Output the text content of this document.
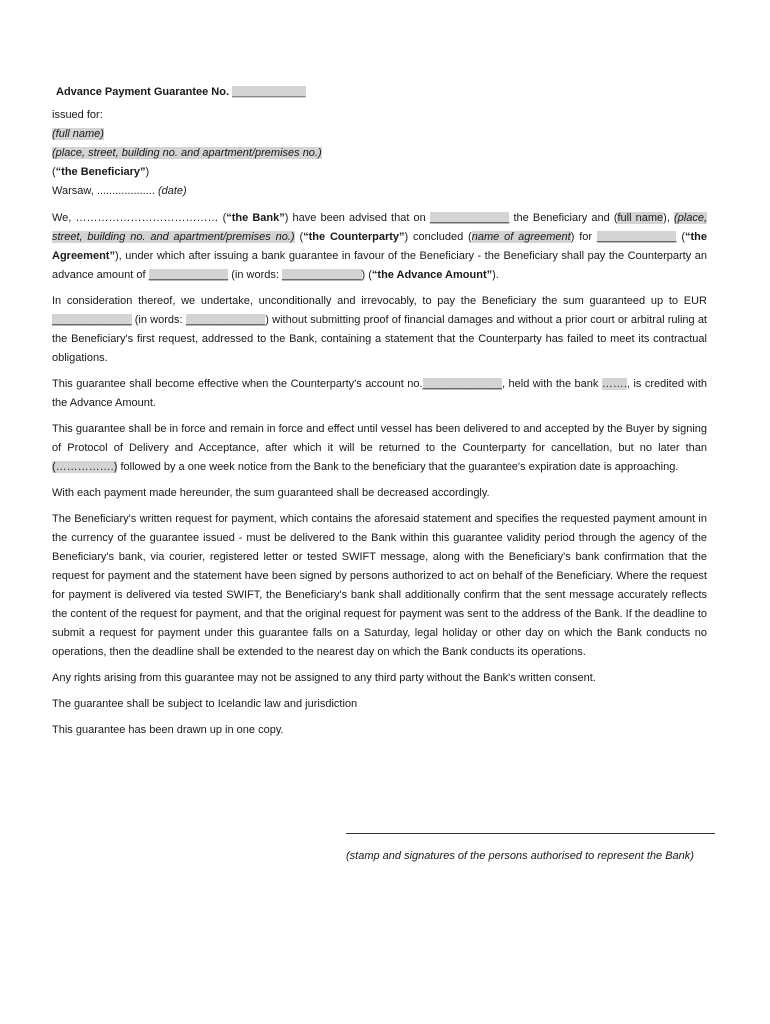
Advance Payment Guarantee No. ____________
issued for:
(full name)
(place, street, building no. and apartment/premises no.)
(“the Beneficiary”)
Warsaw, ................... (date)

We, ………………………………… (“the Bank”) have been advised that on _____________ the Beneficiary and (full name), (place, street, building no. and apartment/premises no.) (“the Counterparty”) concluded (name of agreement) for _____________ (“the Agreement”), under which after issuing a bank guarantee in favour of the Beneficiary - the Beneficiary shall pay the Counterparty an advance amount of _____________ (in words: _____________) (“the Advance Amount”).

In consideration thereof, we undertake, unconditionally and irrevocably, to pay the Beneficiary the sum guaranteed up to EUR _____________ (in words: _____________) without submitting proof of financial damages and without a prior court or arbitral ruling at the Beneficiary's first request, addressed to the Bank, containing a statement that the Counterparty has failed to meet its contractual obligations.

This guarantee shall become effective when the Counterparty's account no._____________, held with the bank ……., is credited with the Advance Amount.

This guarantee shall be in force and remain in force and effect until vessel has been delivered to and accepted by the Buyer by signing of Protocol of Delivery and Acceptance, after which it will be returned to the Counterparty for cancellation, but no later than (…………….) followed by a one week notice from the Bank to the beneficiary that the guarantee's expiration date is approaching.

With each payment made hereunder, the sum guaranteed shall be decreased accordingly.

The Beneficiary's written request for payment, which contains the aforesaid statement and specifies the requested payment amount in the currency of the guarantee issued - must be delivered to the Bank within this guarantee validity period through the agency of the Beneficiary's bank, via courier, registered letter or tested SWIFT message, along with the Beneficiary's bank confirmation that the request for payment and the statement have been signed by persons authorized to act on behalf of the Beneficiary. Where the request for payment is delivered via tested SWIFT, the Beneficiary's bank shall additionally confirm that the sent message accurately reflects the content of the request for payment, and that the original request for payment was sent to the address of the Bank. If the deadline to submit a request for payment under this guarantee falls on a Saturday, legal holiday or other day on which the Bank conducts no operations, then the deadline shall be extended to the nearest day on which the Bank conducts its operations.

Any rights arising from this guarantee may not be assigned to any third party without the Bank's written consent.

The guarantee shall be subject to Icelandic law and jurisdiction

This guarantee has been drawn up in one copy.

(stamp and signatures of the persons authorised to represent the Bank)
